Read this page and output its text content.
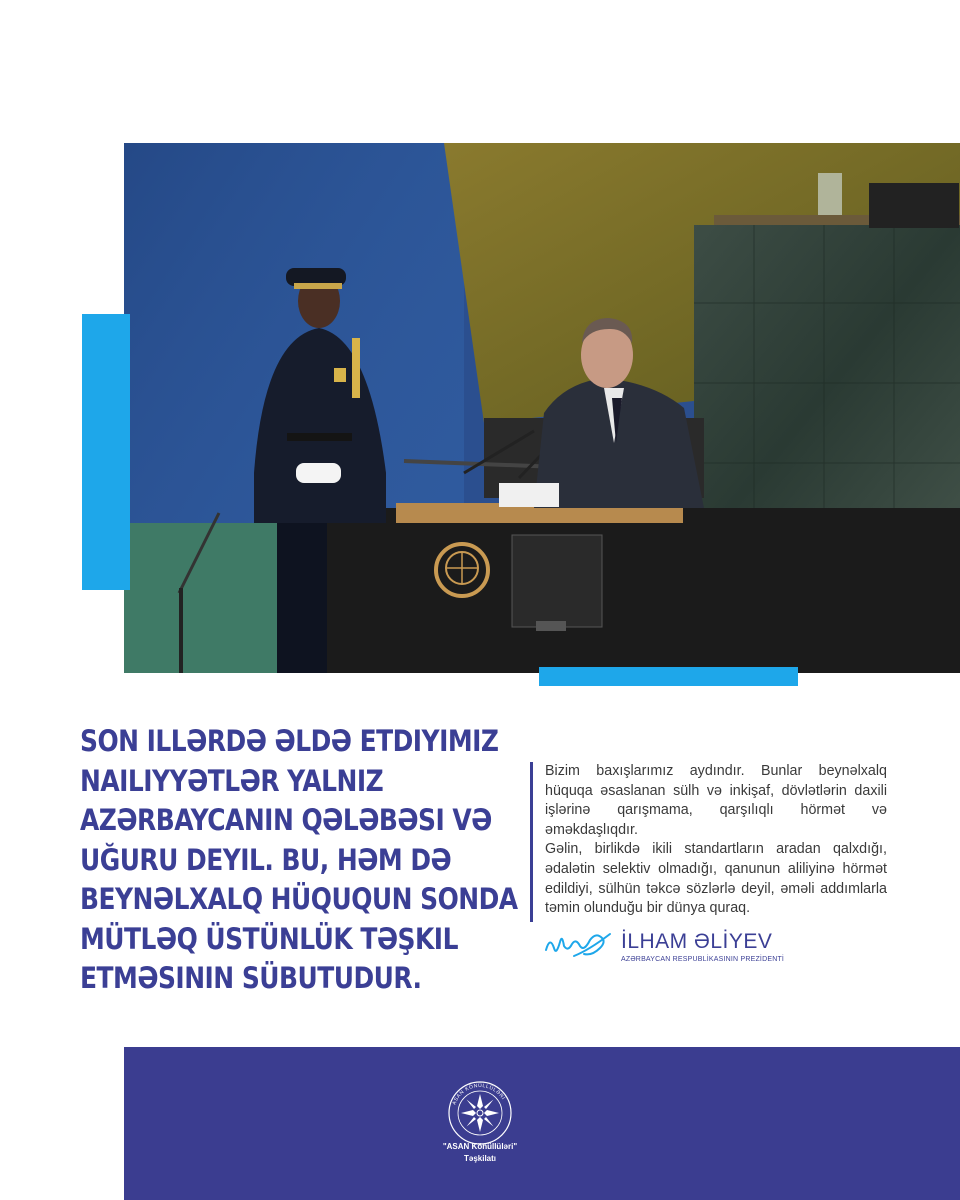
SON ILLƏRDƏ ƏLDƏ ETDIYIMIZ
NAILIYYƏTLƏR YALNIZ
AZƏRBAYCANIN QƏLƏBƏSI VƏ
UĞURU DEYIL. BU, HƏM DƏ
BEYNƏLXALQ HÜQUQUN SONDA
MÜTLƏQ ÜSTÜNLÜK TƏŞKIL
ETMƏSININ SÜBUTUDUR.

Bizim baxışlarımız aydındır. Bunlar beynəlxalq hüquqa əsaslanan sülh və inkişaf, dövlətlərin daxili işlərinə qarışmama, qarşılıqlı hörmət və əməkdaşlıqdır.

Gəlin, birlikdə ikili standartların aradan qalxdığı, ədalətin selektiv olmadığı, qanunun aliliyinə hörmət edildiyi, sülhün təkcə sözlərlə deyil, əməli addımlarla təmin olunduğu bir dünya quraq.

İLHAM ƏLİYEV
AZƏRBAYCAN RESPUBLİKASININ PREZİDENTİ
ASAN KÖNÜLLÜLƏRİ
"ASAN Könüllüləri"
Təşkilatı
